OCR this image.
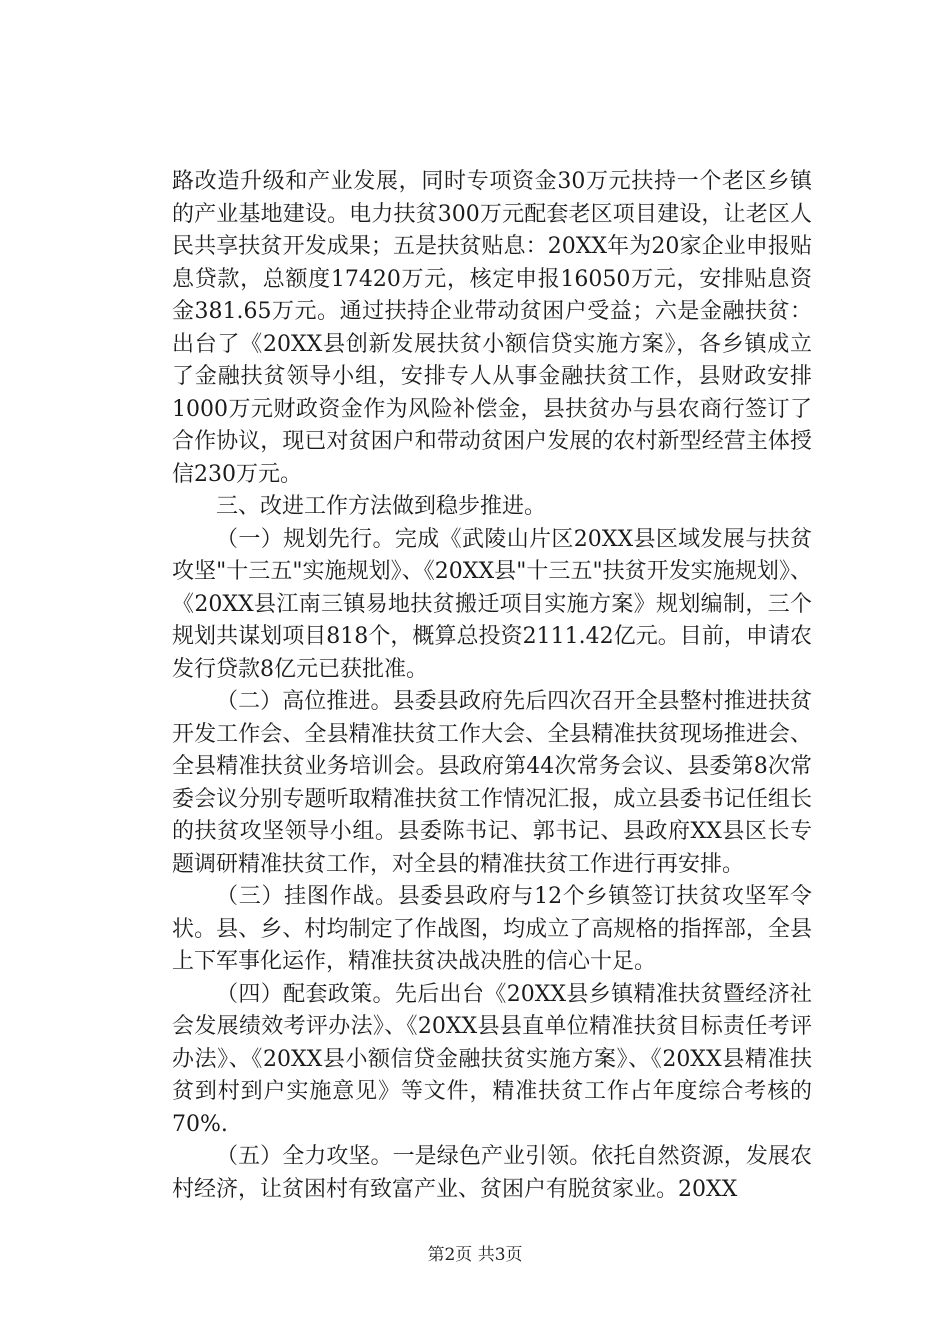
路改造升级和产业发展，同时专项资金30万元扶持一个老区乡镇的产业基地建设。电力扶贫300万元配套老区项目建设，让老区人民共享扶贫开发成果；五是扶贫贴息：20XX年为20家企业申报贴息贷款，总额度17420万元，核定申报16050万元，安排贴息资金381.65万元。通过扶持企业带动贫困户受益；六是金融扶贫：出台了《20XX县创新发展扶贫小额信贷实施方案》，各乡镇成立了金融扶贫领导小组，安排专人从事金融扶贫工作，县财政安排1000万元财政资金作为风险补偿金，县扶贫办与县农商行签订了合作协议，现已对贫困户和带动贫困户发展的农村新型经营主体授信230万元。

三、改进工作方法做到稳步推进。

（一）规划先行。完成《武陵山片区20XX县区域发展与扶贫攻坚"十三五"实施规划》、《20XX县"十三五"扶贫开发实施规划》、《20XX县江南三镇易地扶贫搬迁项目实施方案》规划编制，三个规划共谋划项目818个，概算总投资2111.42亿元。目前，申请农发行贷款8亿元已获批准。

（二）高位推进。县委县政府先后四次召开全县整村推进扶贫开发工作会、全县精准扶贫工作大会、全县精准扶贫现场推进会、全县精准扶贫业务培训会。县政府第44次常务会议、县委第8次常委会议分别专题听取精准扶贫工作情况汇报，成立县委书记任组长的扶贫攻坚领导小组。县委陈书记、郭书记、县政府XX县区长专题调研精准扶贫工作，对全县的精准扶贫工作进行再安排。

（三）挂图作战。县委县政府与12个乡镇签订扶贫攻坚军令状。县、乡、村均制定了作战图，均成立了高规格的指挥部，全县上下军事化运作，精准扶贫决战决胜的信心十足。

（四）配套政策。先后出台《20XX县乡镇精准扶贫暨经济社会发展绩效考评办法》、《20XX县县直单位精准扶贫目标责任考评办法》、《20XX县小额信贷金融扶贫实施方案》、《20XX县精准扶贫到村到户实施意见》等文件，精准扶贫工作占年度综合考核的70%.

（五）全力攻坚。一是绿色产业引领。依托自然资源，发展农村经济，让贫困村有致富产业、贫困户有脱贫家业。20XX

第2页 共3页
